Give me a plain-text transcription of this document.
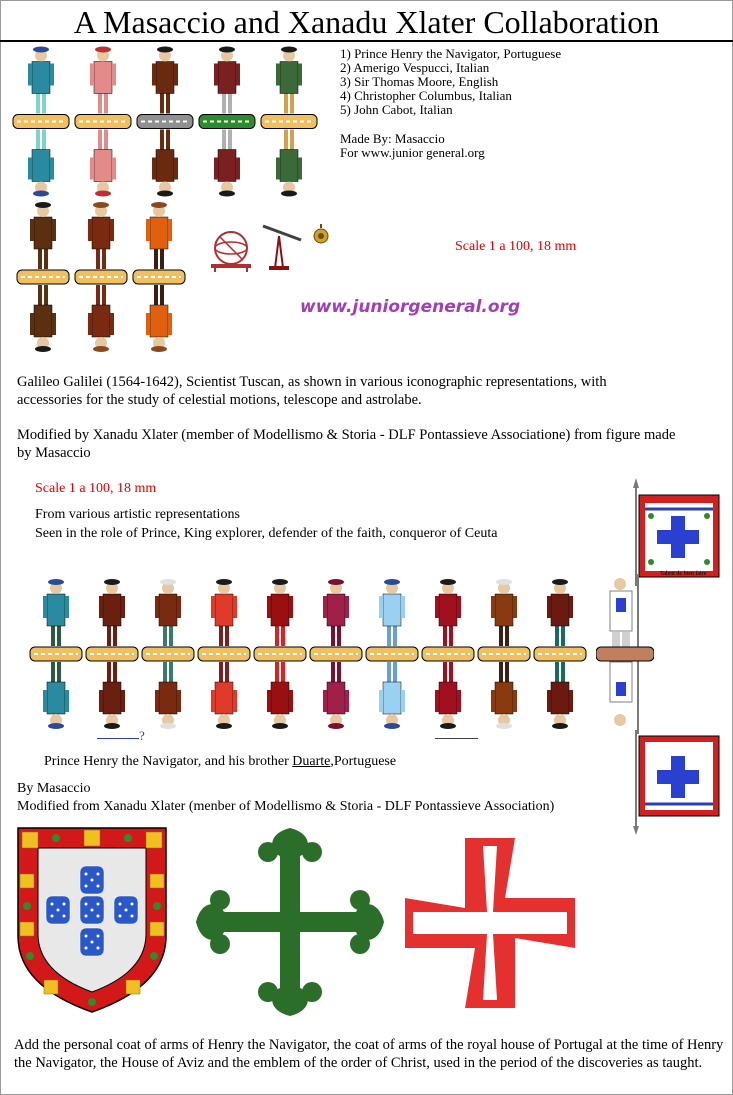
A Masaccio and Xanadu Xlater Collaboration
1) Prince Henry the Navigator, Portuguese
2) Amerigo Vespucci, Italian
3) Sir Thomas Moore, English
4) Christopher Columbus, Italian
5) John Cabot, Italian
Made By: Masaccio
For www.junior general.org
Scale 1 a 100, 18 mm
www.juniorgeneral.org
Galileo Galilei (1564-1642), Scientist Tuscan, as shown in various iconographic representations, with accessories for the study of celestial motions, telescope and astrolabe.
Modified by Xanadu Xlater (member of Modellismo & Storia - DLF Pontassieve Associatione) from figure made by Masaccio
Scale 1 a 100, 18 mm
From various artistic representations
Seen in the role of Prince, King explorer, defender of the faith, conqueror of Ceuta
Talent de bien faire
?
Prince Henry the Navigator, and his brother Duarte,Portuguese
By Masaccio
Modified from Xanadu Xlater (menber of Modellismo & Storia - DLF Pontassieve Association)
Add the personal coat of arms of Henry the Navigator, the coat of arms of the royal house of Portugal at the time of Henry the Navigator, the House of Aviz and the emblem of the order of Christ, used in the period of the discoveries as taught.
